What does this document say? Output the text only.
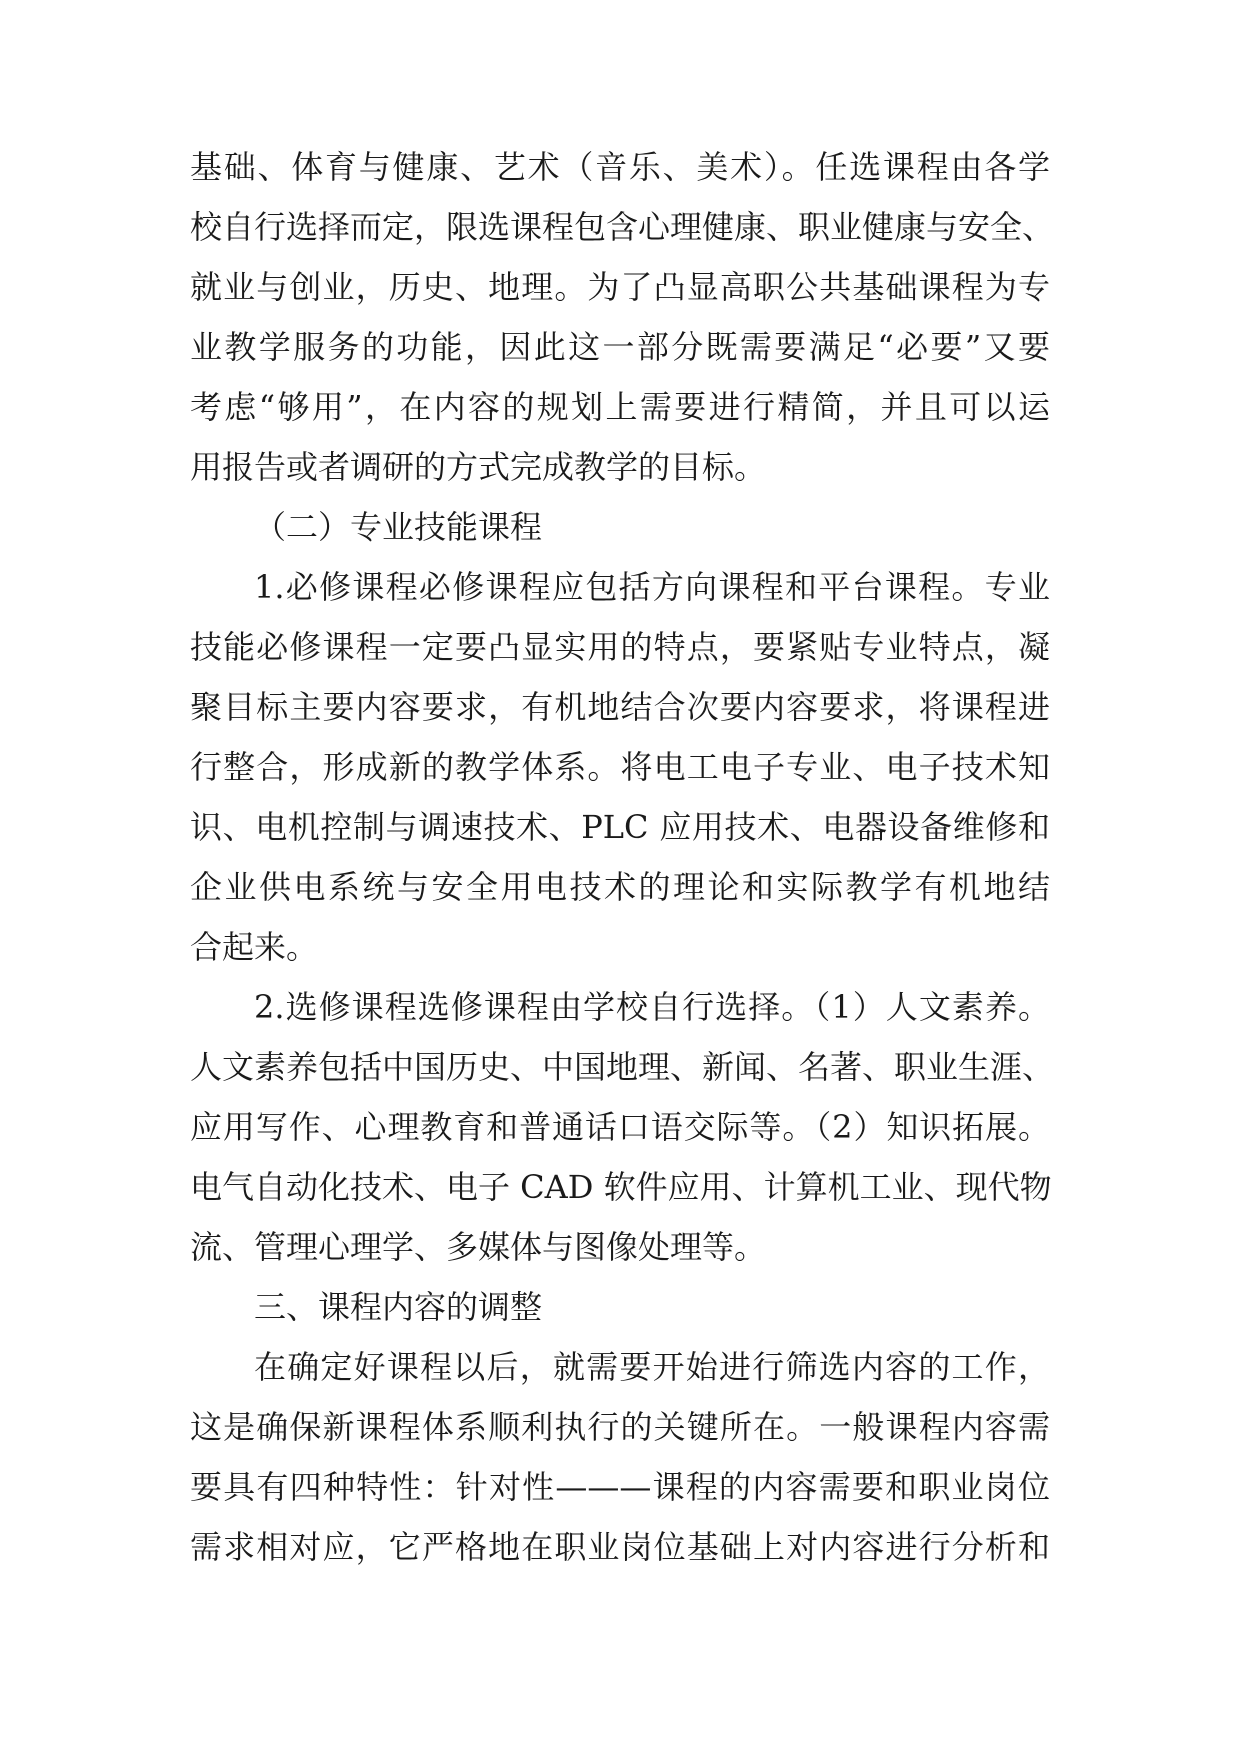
基础、体育与健康、艺术（音乐、美术）。任选课程由各学
校自行选择而定，限选课程包含心理健康、职业健康与安全、
就业与创业，历史、地理。为了凸显高职公共基础课程为专
业教学服务的功能，因此这一部分既需要满足“必要”又要
考虑“够用”，在内容的规划上需要进行精简，并且可以运
用报告或者调研的方式完成教学的目标。
（二）专业技能课程
1.必修课程必修课程应包括方向课程和平台课程。专业
技能必修课程一定要凸显实用的特点，要紧贴专业特点，凝
聚目标主要内容要求，有机地结合次要内容要求，将课程进
行整合，形成新的教学体系。将电工电子专业、电子技术知
识、电机控制与调速技术、PLC 应用技术、电器设备维修和
企业供电系统与安全用电技术的理论和实际教学有机地结
合起来。
2.选修课程选修课程由学校自行选择。（1）人文素养。
人文素养包括中国历史、中国地理、新闻、名著、职业生涯、
应用写作、心理教育和普通话口语交际等。（2）知识拓展。
电气自动化技术、电子 CAD 软件应用、计算机工业、现代物
流、管理心理学、多媒体与图像处理等。
三、课程内容的调整
在确定好课程以后，就需要开始进行筛选内容的工作，
这是确保新课程体系顺利执行的关键所在。一般课程内容需
要具有四种特性：针对性———课程的内容需要和职业岗位
需求相对应，它严格地在职业岗位基础上对内容进行分析和
